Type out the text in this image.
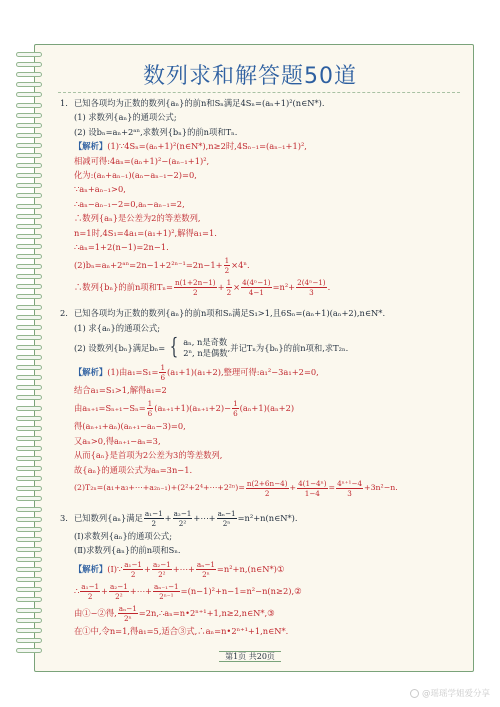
数列求和解答题50道
1. 已知各项均为正数的数列{aₙ}的前n和Sₙ满足4Sₙ=(aₙ+1)²(n∈N*).
(1) 求数列{aₙ}的通项公式;
(2) 设bₙ=aₙ+2ᵃⁿ,求数列{bₙ}的前n项和Tₙ.
【解析】(1)∵4Sₙ=(aₙ+1)²(n∈N*),n≥2时,4Sₙ₋₁=(aₙ₋₁+1)²,
相减可得:4aₙ=(aₙ+1)²−(aₙ₋₁+1)²,
化为:(aₙ+aₙ₋₁)(aₙ−aₙ₋₁−2)=0,
∵aₙ+aₙ₋₁>0,
∴aₙ−aₙ₋₁−2=0,aₙ−aₙ₋₁=2,
∴数列{aₙ}是公差为2的等差数列,
n=1时,4S₁=4a₁=(a₁+1)²,解得a₁=1.
∴aₙ=1+2(n−1)=2n−1.
(2)bₙ=aₙ+2ᵃⁿ=2n−1+2²ⁿ⁻¹=2n−1+ $\frac{1}{2} \times 4^n$.
∴数列{bₙ}的前n项和$T_n= \frac{n(1+2n-1)}{2} + \frac{1}{2} \times \frac{\text{4(4ⁿ−1)}}{4-1} =n^2+ \frac{\text{2(4ⁿ−1)}}{3}$ .
2. 已知各项均为正数的数列{aₙ}的前n项和Sₙ满足S₁>1,且6Sₙ=(aₙ+1)(aₙ+2),n∈N*.
(1) 求{aₙ}的通项公式;
(2) 设数列{bₙ}满足bₙ= { aₙ, n是奇数
2ⁿ, n是偶数
,并记Tₙ为{bₙ}的前n项和,求T₂ₙ.
【解析】(1)由$a_1=S_1= \frac{1}{6} (a_1+1)(a_1+2)$,整理可得:a₁²−3a₁+2=0,
结合a₁=S₁>1,解得a₁=2
由$a_{n+1}=S_{n+1}-S_n= \frac{1}{6} (a_{n+1}+1)(a_{n+1}+2)- \frac{1}{6} (a_n+1)(a_n+2)$
得(aₙ₊₁+aₙ)(aₙ₊₁−aₙ−3)=0,
又aₙ>0,得aₙ₊₁−aₙ=3,
从而{aₙ}是首项为2公差为3的等差数列,
故{aₙ}的通项公式为aₙ=3n−1.
(2)T₂ₙ=(a₁+a₃+⋯+a₂ₙ₋₁)+(2²+2⁴+⋯+2²ⁿ)= $\frac{n(2+6n-4)}{2} + \frac{\text{4(1−4ⁿ)}}{1-4} = \frac{\text{4ⁿ⁺¹−4}}{3} +3n^2-n$.
3. 已知数列{aₙ}满足 $\frac{\text{a₁−1}}{2} + \frac{\text{a₂−1}}{\text{2²}}$ +⋯+ $\frac{\text{aₙ−1}}{\text{2ⁿ}}$ =n²+n(n∈N*).
(Ⅰ)求数列{aₙ}的通项公式;
(Ⅱ)求数列{aₙ}的前n项和Sₙ.
【解析】(Ⅰ)∵ $\frac{\text{a₁−1}}{2} + \frac{\text{a₂−1}}{\text{2²}}$ +⋯+ $\frac{\text{aₙ−1}}{\text{2ⁿ}}$ =n²+n,(n∈N*)①
∴ $\frac{\text{a₁−1}}{2} + \frac{\text{a₂−1}}{\text{2²}}$ +⋯+ $\frac{\text{aₙ₋₁−1}}{\text{2ⁿ⁻¹}}$ =(n−1)²+n−1=n²−n(n≥2),②
由①−②得, $\frac{\text{aₙ−1}}{\text{2ⁿ}}$ =2n,∴aₙ=n•2ⁿ⁺¹+1,n≥2,n∈N*,③
在①中,令n=1,得a₁=5,适合③式,∴aₙ=n•2ⁿ⁺¹+1,n∈N*.
第1页 共20页
@瑶瑶学姐爱分享
